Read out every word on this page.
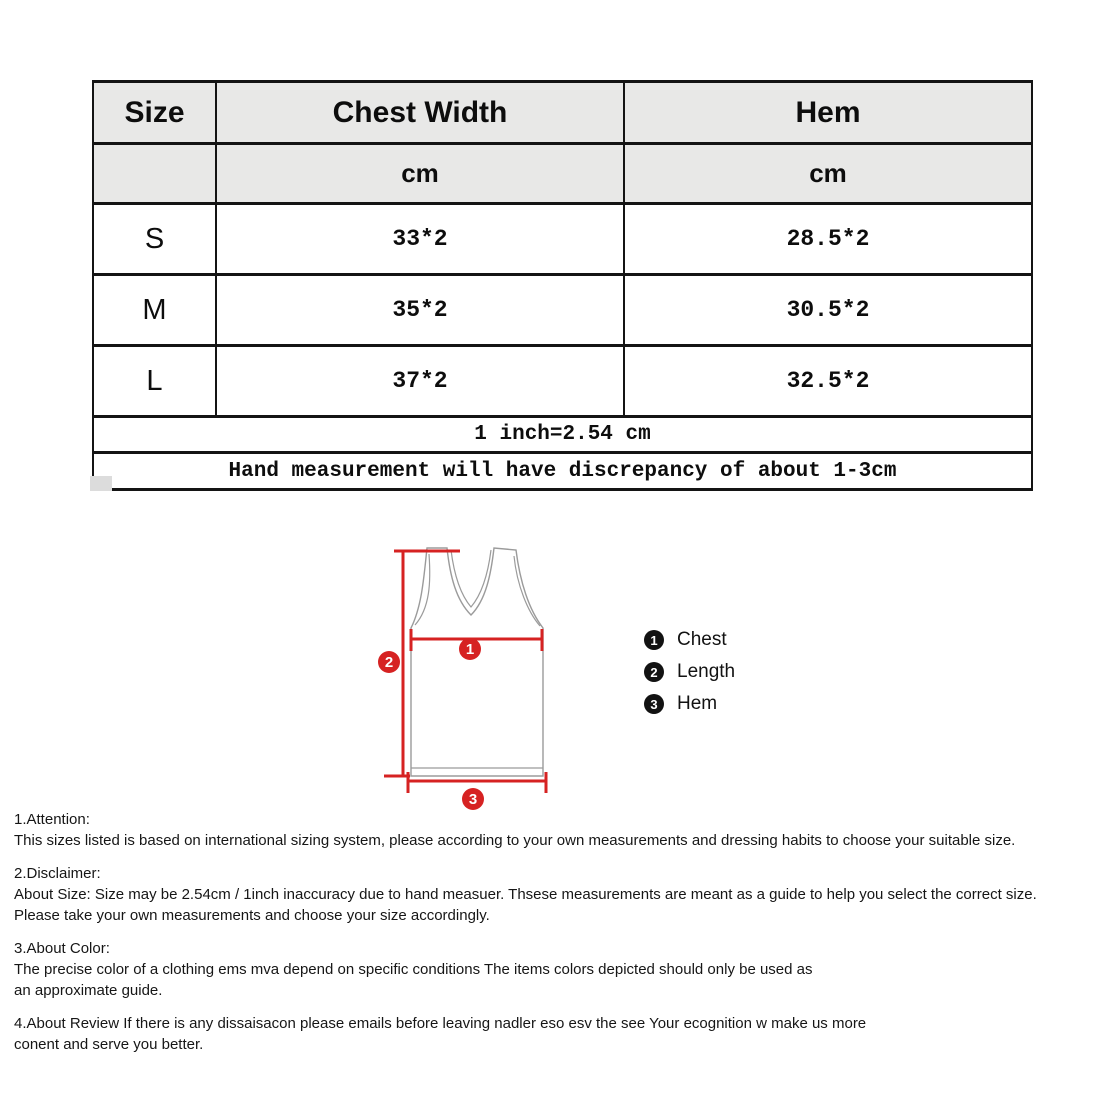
Size	Chest Width	Hem
	cm	cm
S	33*2	28.5*2
M	35*2	30.5*2
L	37*2	32.5*2
1 inch=2.54 cm		
Hand measurement will have discrepancy of about 1-3cm		
1
2
3
1	Chest
2	Length
3	Hem
1.Attention:
This sizes listed is based on international sizing system, please according to your own measurements and dressing habits to choose your suitable size.
2.Disclaimer:
About Size: Size may be 2.54cm / 1inch inaccuracy due to hand measuer. Thsese measurements are meant as a guide to help you select the correct size.
Please take your own measurements and choose your size accordingly.
3.About Color:
The precise color of a clothing ems mva depend on specific conditions The items colors depicted should only be used as
an approximate guide.
4.About Review If there is any dissaisacon please emails before leaving nadler eso esv the see Your ecognition w make us more
conent and serve you better.
